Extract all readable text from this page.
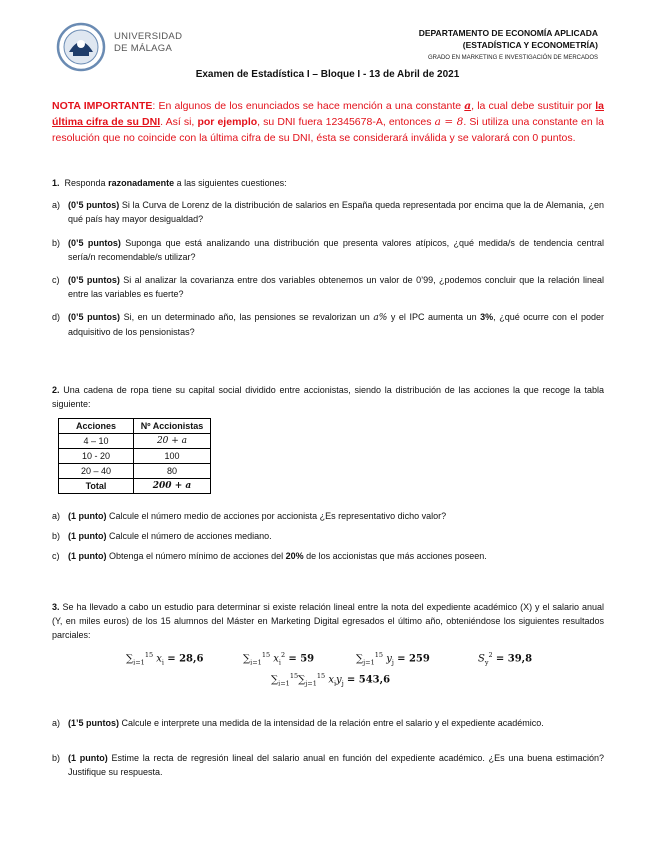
UNIVERSIDAD
DE MÁLAGA
DEPARTAMENTO DE ECONOMÍA APLICADA
(ESTADÍSTICA Y ECONOMETRÍA)
GRADO EN MARKETING E INVESTIGACIÓN DE MERCADOS
Examen de Estadística I – Bloque I - 13 de Abril de 2021
NOTA IMPORTANTE: En algunos de los enunciados se hace mención a una constante a, la cual debe sustituir por la última cifra de su DNI. Así si, por ejemplo, su DNI fuera 12345678-A, entonces a = 8. Si utiliza una constante en la resolución que no coincide con la última cifra de su DNI, ésta se considerará inválida y se valorará con 0 puntos.
1. Responda razonadamente a las siguientes cuestiones:
a) (0’5 puntos) Si la Curva de Lorenz de la distribución de salarios en España queda representada por encima que la de Alemania, ¿en qué país hay mayor desigualdad?
b) (0’5 puntos) Suponga que está analizando una distribución que presenta valores atípicos, ¿qué medida/s de tendencia central sería/n recomendable/s utilizar?
c) (0’5 puntos) Si al analizar la covarianza entre dos variables obtenemos un valor de 0’99, ¿podemos concluir que la relación lineal entre las variables es fuerte?
d) (0’5 puntos) Si, en un determinado año, las pensiones se revalorizan un a% y el IPC aumenta un 3%, ¿qué ocurre con el poder adquisitivo de los pensionistas?
2. Una cadena de ropa tiene su capital social dividido entre accionistas, siendo la distribución de las acciones la que recoge la tabla siguiente:
Acciones	Nº Accionistas
4 – 10	20 + a
10 - 20	100
20 – 40	80
Total	200 + a
a) (1 punto) Calcule el número medio de acciones por accionista ¿Es representativo dicho valor?
b) (1 punto) Calcule el número de acciones mediano.
c) (1 punto) Obtenga el número mínimo de acciones del 20% de los accionistas que más acciones poseen.
3. Se ha llevado a cabo un estudio para determinar si existe relación lineal entre la nota del expediente académico (X) y el salario anual (Y, en miles euros) de los 15 alumnos del Máster en Marketing Digital egresados el último año, obteniéndose los siguientes resultados parciales:
$\sum_{i=1}^{15}$ $x_i = 28,6$	$\sum_{i=1}^{15}$ $x_i^2 = 59$	$\sum_{j=1}^{15}$ $y_j = 259$	$S_y^2 = 39,8$
$\sum_{i=1}^{15}\sum_{j=1}^{15}$ $x_iy_j = 543,6$
a) (1’5 puntos) Calcule e interprete una medida de la intensidad de la relación entre el salario y el expediente académico.
b) (1 punto) Estime la recta de regresión lineal del salario anual en función del expediente académico. ¿Es una buena estimación? Justifique su respuesta.
